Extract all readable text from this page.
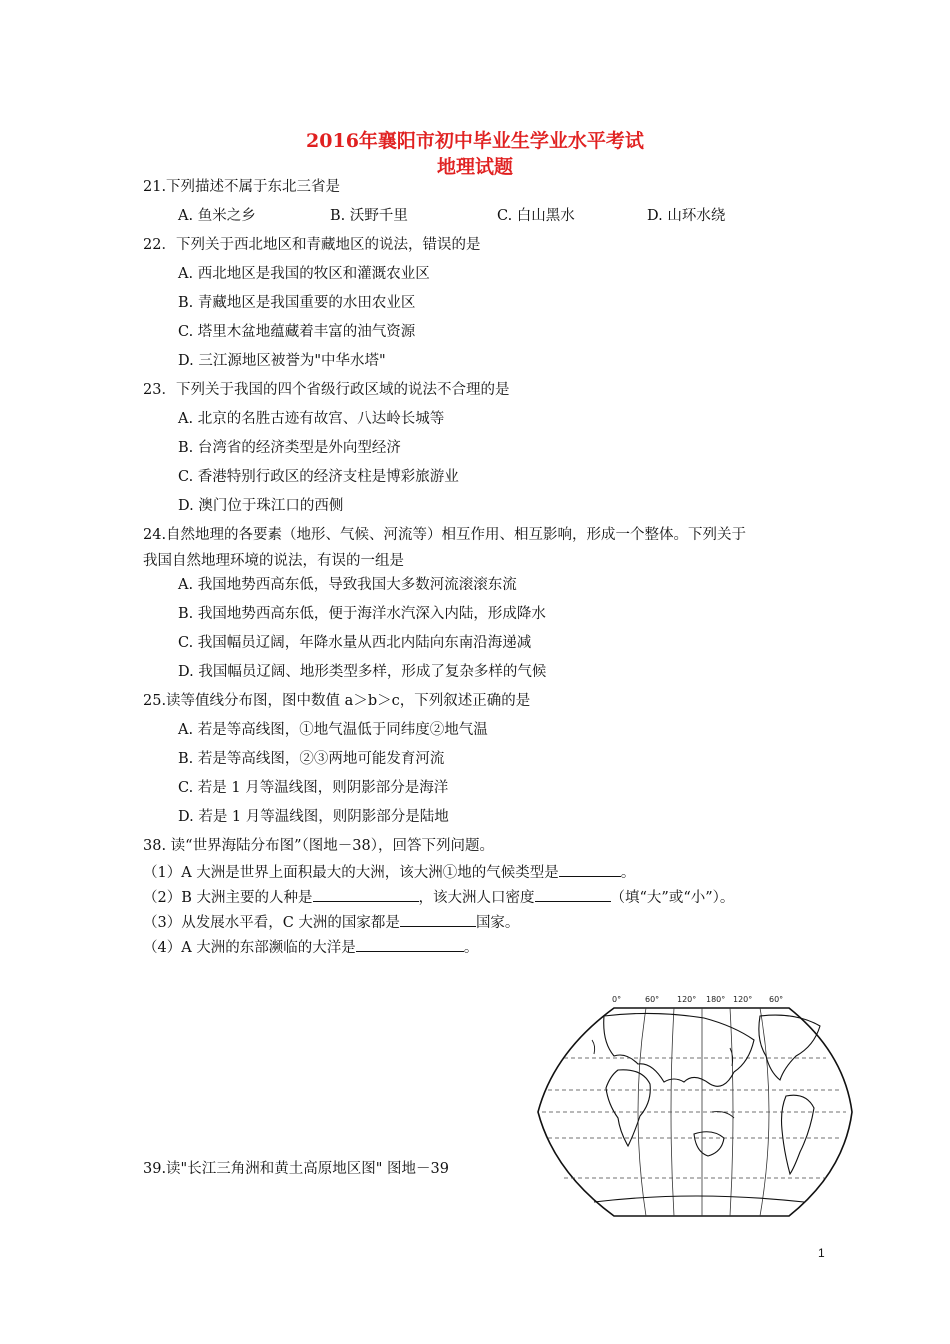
2016年襄阳市初中毕业生学业水平考试
地理试题
21.下列描述不属于东北三省是
A. 鱼米之乡	B. 沃野千里	C. 白山黑水	D. 山环水绕
22．下列关于西北地区和青藏地区的说法，错误的是
A. 西北地区是我国的牧区和灌溉农业区
B. 青藏地区是我国重要的水田农业区
C. 塔里木盆地蕴藏着丰富的油气资源
D. 三江源地区被誉为"中华水塔"
23．下列关于我国的四个省级行政区域的说法不合理的是
A. 北京的名胜古迹有故宫、八达岭长城等
B. 台湾省的经济类型是外向型经济
C. 香港特别行政区的经济支柱是博彩旅游业
D. 澳门位于珠江口的西侧
24.自然地理的各要素（地形、气候、河流等）相互作用、相互影响，形成一个整体。下列关于
我国自然地理环境的说法，有误的一组是
A. 我国地势西高东低，导致我国大多数河流滚滚东流
B. 我国地势西高东低，便于海洋水汽深入内陆，形成降水
C. 我国幅员辽阔，年降水量从西北内陆向东南沿海递减
D. 我国幅员辽阔、地形类型多样，形成了复杂多样的气候
25.读等值线分布图，图中数值 a＞b＞c，下列叙述正确的是
A. 若是等高线图，①地气温低于同纬度②地气温
B. 若是等高线图，②③两地可能发育河流
C. 若是 1 月等温线图，则阴影部分是海洋
D. 若是 1 月等温线图，则阴影部分是陆地
38. 读“世界海陆分布图”（图地－38），回答下列问题。
（1）A 大洲是世界上面积最大的大洲，该大洲①地的气候类型是	。
（2）B 大洲主要的人种是	，该大洲人口密度	（填“大”或“小”）。
（3）从发展水平看，C 大洲的国家都是	国家。
（4）A 大洲的东部濒临的大洋是	。
0°	60° 120° 180° 120° 60°
39.读"长江三角洲和黄土高原地区图" 图地－39
1
